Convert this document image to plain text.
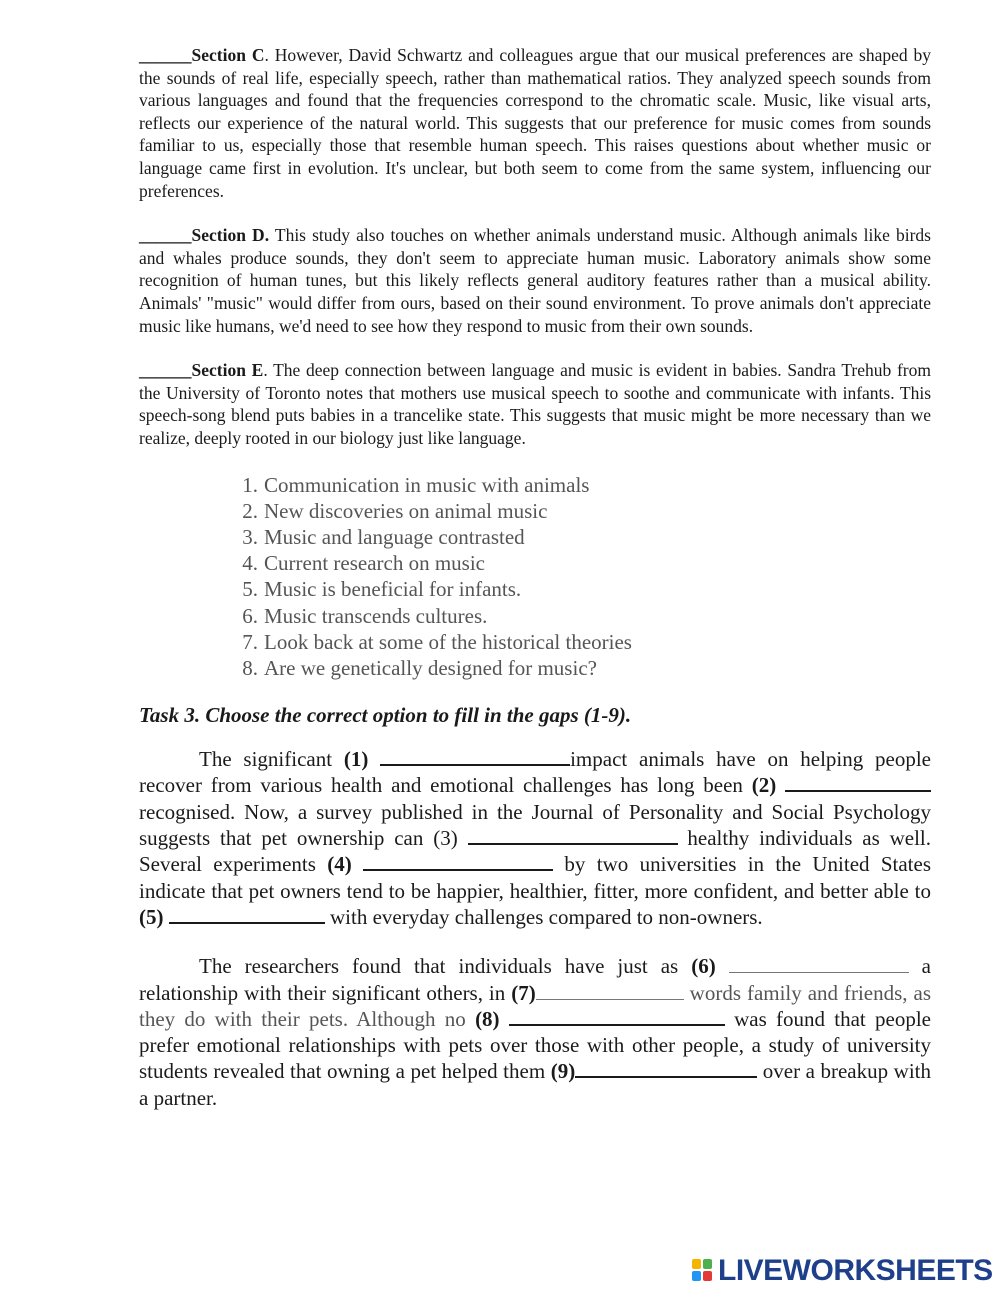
______Section C. However, David Schwartz and colleagues argue that our musical preferences are shaped by the sounds of real life, especially speech, rather than mathematical ratios. They analyzed speech sounds from various languages and found that the frequencies correspond to the chromatic scale. Music, like visual arts, reflects our experience of the natural world. This suggests that our preference for music comes from sounds familiar to us, especially those that resemble human speech. This raises questions about whether music or language came first in evolution. It's unclear, but both seem to come from the same system, influencing our preferences.

______Section D. This study also touches on whether animals understand music. Although animals like birds and whales produce sounds, they don't seem to appreciate human music. Laboratory animals show some recognition of human tunes, but this likely reflects general auditory features rather than a musical ability. Animals' "music" would differ from ours, based on their sound environment. To prove animals don't appreciate music like humans, we'd need to see how they respond to music from their own sounds.

______Section E. The deep connection between language and music is evident in babies. Sandra Trehub from the University of Toronto notes that mothers use musical speech to soothe and communicate with infants. This speech-song blend puts babies in a trancelike state. This suggests that music might be more necessary than we realize, deeply rooted in our biology just like language.

1. Communication in music with animals
2. New discoveries on animal music
3. Music and language contrasted
4. Current research on music
5. Music is beneficial for infants.
6. Music transcends cultures.
7. Look back at some of the historical theories
8. Are we genetically designed for music?
Task 3. Choose the correct option to fill in the gaps (1-9).

The significant (1)	impact animals have on helping people recover from various health and emotional challenges has long been (2)  recognised. Now, a survey published in the Journal of Personality and Social Psychology suggests that pet ownership can (3)	healthy individuals as well. Several experiments (4)	by two universities in the United States indicate that pet owners tend to be happier, healthier, fitter, more confident, and better able to (5)	with everyday challenges compared to non-owners.

The researchers found that individuals have just as (6)	a relationship with their significant others, in (7)	words family and friends, as they do with their pets. Although no (8)	was found that people prefer emotional relationships with pets over those with other people, a study of university students revealed that owning a pet helped them (9)	over a breakup with a partner.

LIVEWORKSHEETS
